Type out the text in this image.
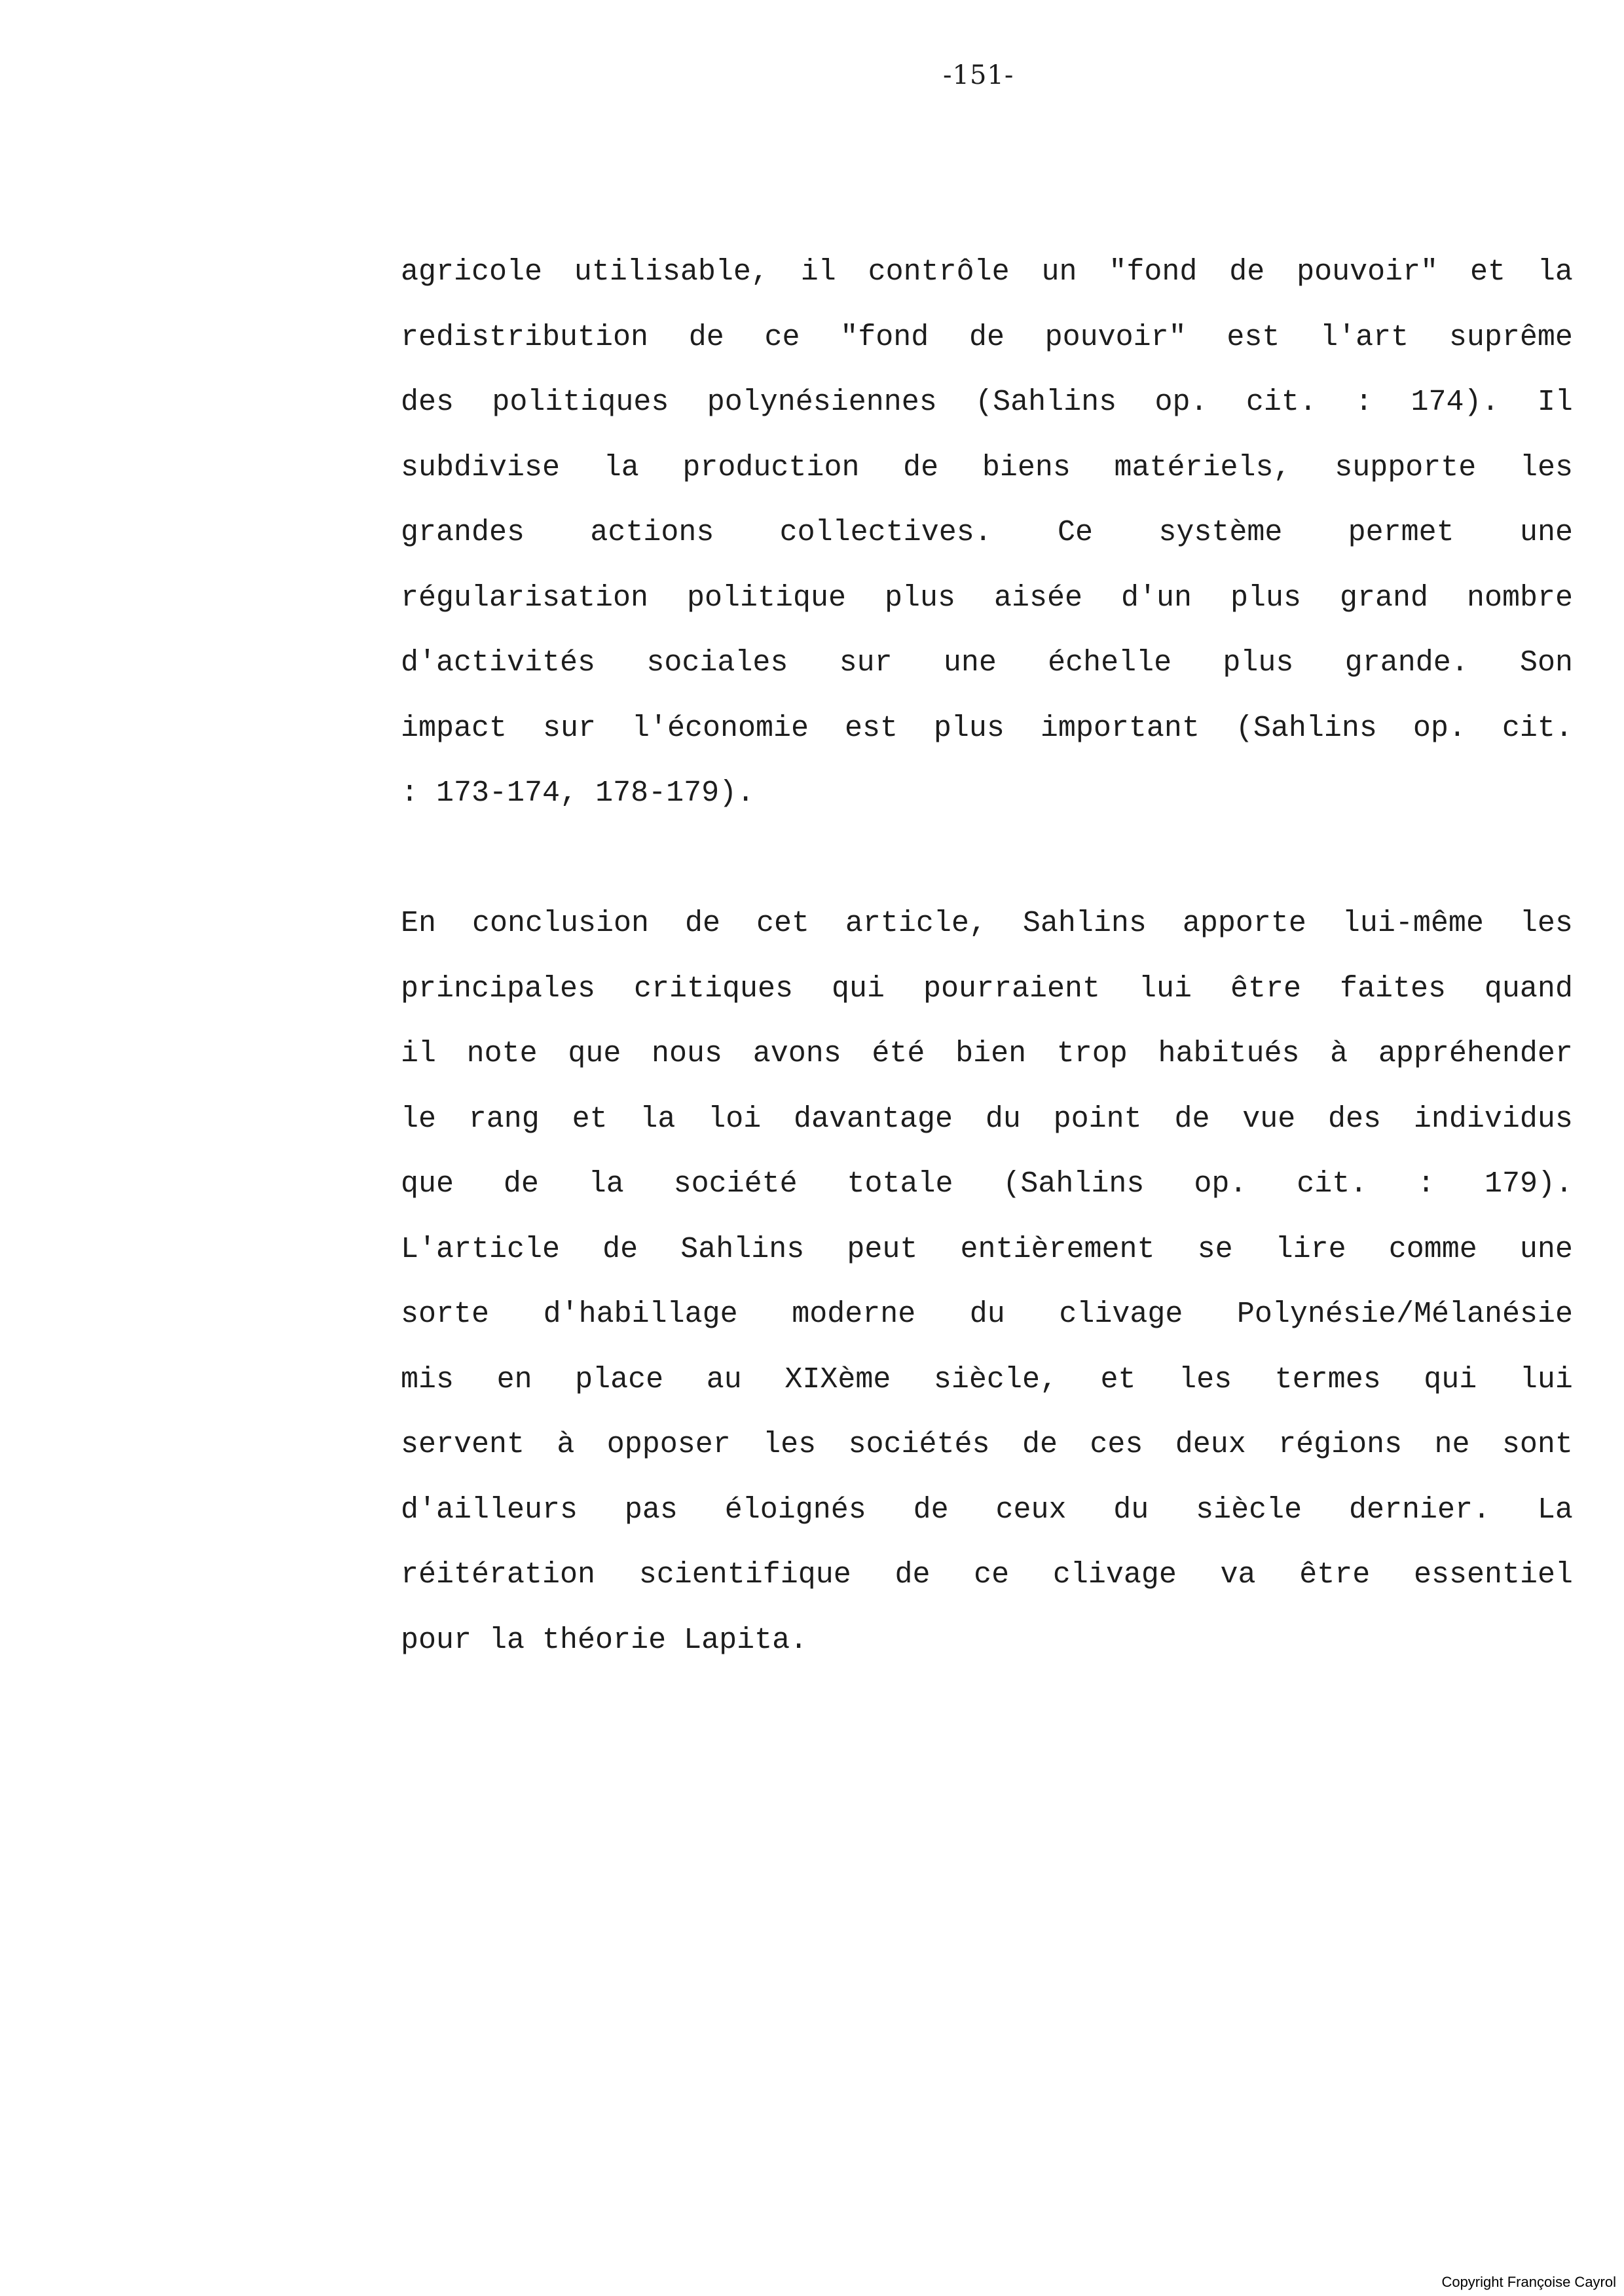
-151-
agricole utilisable, il contrôle un "fond de pouvoir" et la
redistribution de ce "fond de pouvoir" est l'art suprême
des politiques polynésiennes (Sahlins op. cit. : 174). Il
subdivise la production de biens matériels, supporte les
grandes actions collectives. Ce système permet une
régularisation politique plus aisée d'un plus grand nombre
d'activités sociales sur une échelle plus grande. Son
impact sur l'économie est plus important (Sahlins op. cit.
: 173-174, 178-179).
En conclusion de cet article, Sahlins apporte lui-même les
principales critiques qui pourraient lui être faites quand
il note que nous avons été bien trop habitués à appréhender
le rang et la loi davantage du point de vue des individus
que de la société totale (Sahlins op. cit. : 179).
L'article de Sahlins peut entièrement se lire comme une
sorte d'habillage moderne du clivage Polynésie/Mélanésie
mis en place au XIXème siècle, et les termes qui lui
servent à opposer les sociétés de ces deux régions ne sont
d'ailleurs pas éloignés de ceux du siècle dernier. La
réitération scientifique de ce clivage va être essentiel
pour la théorie Lapita.
Copyright Françoise Cayrol
